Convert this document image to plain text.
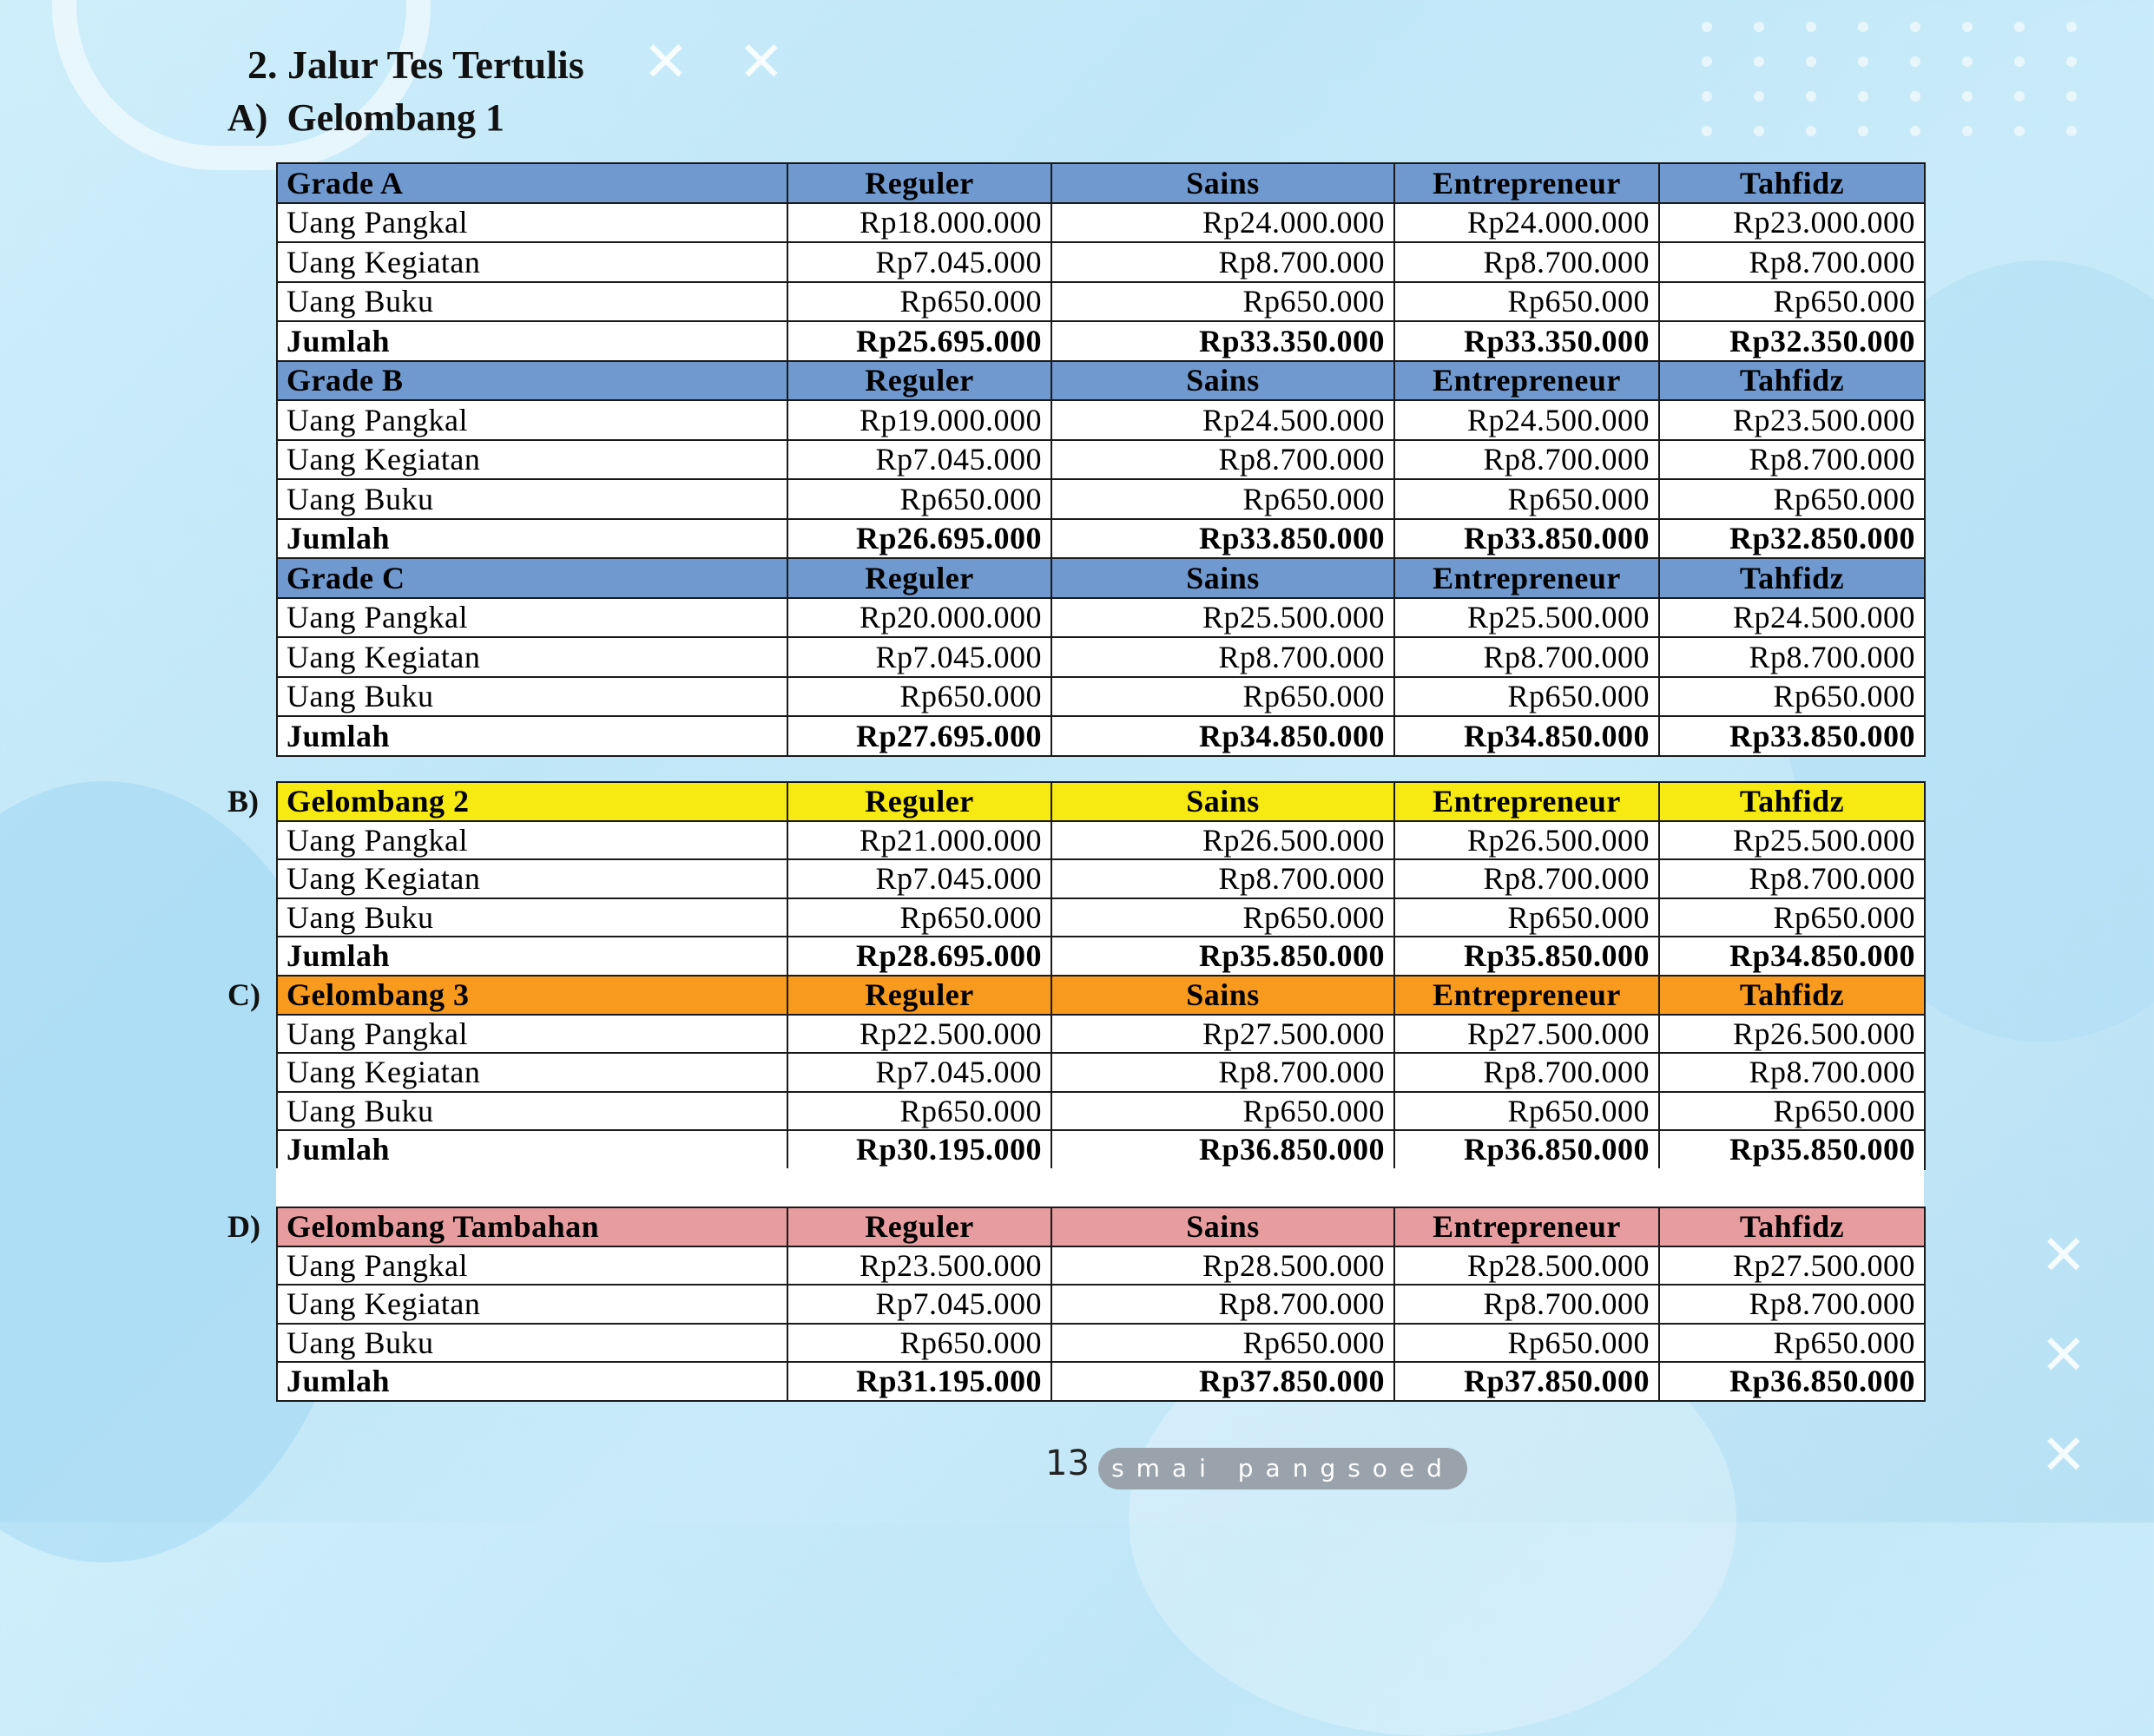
✕ ✕
✕
✕
✕
2. Jalur Tes Tertulis
A) Gelombang 1
Grade A	Reguler	Sains	Entrepreneur	Tahfidz
Uang Pangkal	Rp18.000.000	Rp24.000.000	Rp24.000.000	Rp23.000.000
Uang Kegiatan	Rp7.045.000	Rp8.700.000	Rp8.700.000	Rp8.700.000
Uang Buku	Rp650.000	Rp650.000	Rp650.000	Rp650.000
Jumlah	Rp25.695.000	Rp33.350.000	Rp33.350.000	Rp32.350.000
Grade B	Reguler	Sains	Entrepreneur	Tahfidz
Uang Pangkal	Rp19.000.000	Rp24.500.000	Rp24.500.000	Rp23.500.000
Uang Kegiatan	Rp7.045.000	Rp8.700.000	Rp8.700.000	Rp8.700.000
Uang Buku	Rp650.000	Rp650.000	Rp650.000	Rp650.000
Jumlah	Rp26.695.000	Rp33.850.000	Rp33.850.000	Rp32.850.000
Grade C	Reguler	Sains	Entrepreneur	Tahfidz
Uang Pangkal	Rp20.000.000	Rp25.500.000	Rp25.500.000	Rp24.500.000
Uang Kegiatan	Rp7.045.000	Rp8.700.000	Rp8.700.000	Rp8.700.000
Uang Buku	Rp650.000	Rp650.000	Rp650.000	Rp650.000
Jumlah	Rp27.695.000	Rp34.850.000	Rp34.850.000	Rp33.850.000
B) Gelombang 2	Reguler	Sains	Entrepreneur	Tahfidz
Uang Pangkal	Rp21.000.000	Rp26.500.000	Rp26.500.000	Rp25.500.000
Uang Kegiatan	Rp7.045.000	Rp8.700.000	Rp8.700.000	Rp8.700.000
Uang Buku	Rp650.000	Rp650.000	Rp650.000	Rp650.000
Jumlah	Rp28.695.000	Rp35.850.000	Rp35.850.000	Rp34.850.000
C) Gelombang 3	Reguler	Sains	Entrepreneur	Tahfidz
Uang Pangkal	Rp22.500.000	Rp27.500.000	Rp27.500.000	Rp26.500.000
Uang Kegiatan	Rp7.045.000	Rp8.700.000	Rp8.700.000	Rp8.700.000
Uang Buku	Rp650.000	Rp650.000	Rp650.000	Rp650.000
Jumlah	Rp30.195.000	Rp36.850.000	Rp36.850.000	Rp35.850.000
D) Gelombang Tambahan	Reguler	Sains	Entrepreneur	Tahfidz
Uang Pangkal	Rp23.500.000	Rp28.500.000	Rp28.500.000	Rp27.500.000
Uang Kegiatan	Rp7.045.000	Rp8.700.000	Rp8.700.000	Rp8.700.000
Uang Buku	Rp650.000	Rp650.000	Rp650.000	Rp650.000
Jumlah	Rp31.195.000	Rp37.850.000	Rp37.850.000	Rp36.850.000
13 smai pangsoed
